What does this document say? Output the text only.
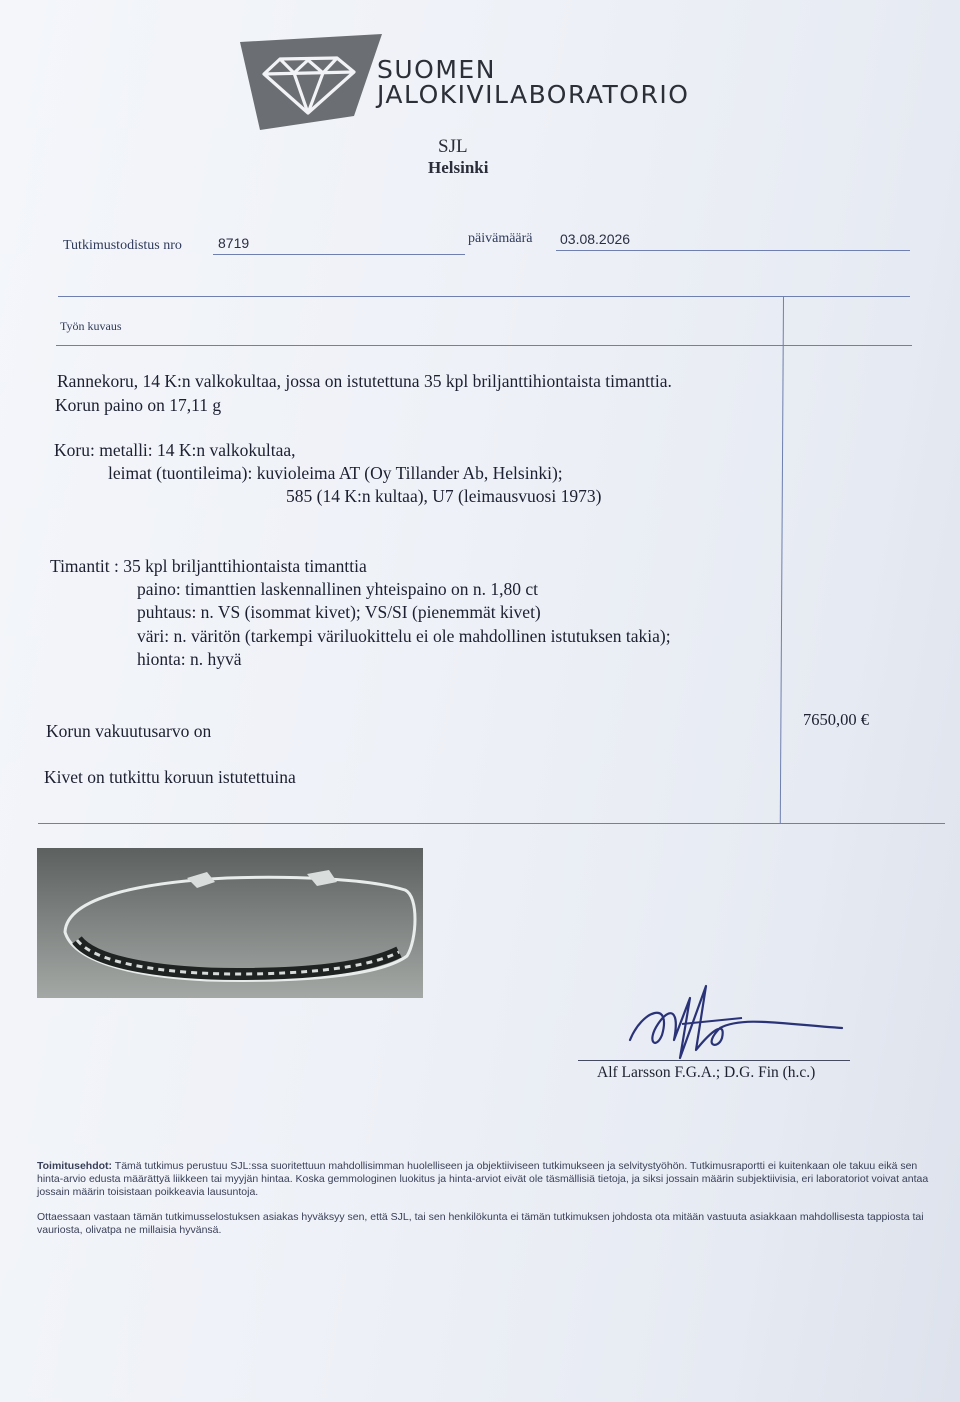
SUOMEN
JALOKIVILABORATORIO
SJL
Helsinki
Tutkimustodistus nro	8719	päivämäärä 03.08.2026
Työn kuvaus
Rannekoru, 14 K:n valkokultaa, jossa on istutettuna 35 kpl briljanttihiontaista timanttia.
Korun paino on 17,11 g
Koru: metalli: 14 K:n valkokultaa,
leimat (tuontileima): kuvioleima AT (Oy Tillander Ab, Helsinki);
585 (14 K:n kultaa), U7 (leimausvuosi 1973)
Timantit : 35 kpl briljanttihiontaista timanttia
paino: timanttien laskennallinen yhteispaino on n. 1,80 ct
puhtaus: n. VS (isommat kivet); VS/SI (pienemmät kivet)
väri: n. väritön (tarkempi väriluokittelu ei ole mahdollinen istutuksen takia);
hionta: n. hyvä
Korun vakuutusarvo on
7650,00 €
Kivet on tutkittu koruun istutettuina
Alf Larsson F.G.A.; D.G. Fin (h.c.)
Toimitusehdot: Tämä tutkimus perustuu SJL:ssa suoritettuun mahdollisimman huolelliseen ja objektiiviseen tutkimukseen ja selvitystyöhön. Tutkimusraportti ei kuitenkaan ole takuu eikä sen hinta-arvio edusta määrättyä liikkeen tai myyjän hintaa. Koska gemmologinen luokitus ja hinta-arviot eivät ole täsmällisiä tietoja, ja siksi jossain määrin subjektiivisia, eri laboratoriot voivat antaa jossain määrin toisistaan poikkeavia lausuntoja.
Ottaessaan vastaan tämän tutkimusselostuksen asiakas hyväksyy sen, että SJL, tai sen henkilökunta ei tämän tutkimuksen johdosta ota mitään vastuuta asiakkaan mahdollisesta tappiosta tai vauriosta, olivatpa ne millaisia hyvänsä.
